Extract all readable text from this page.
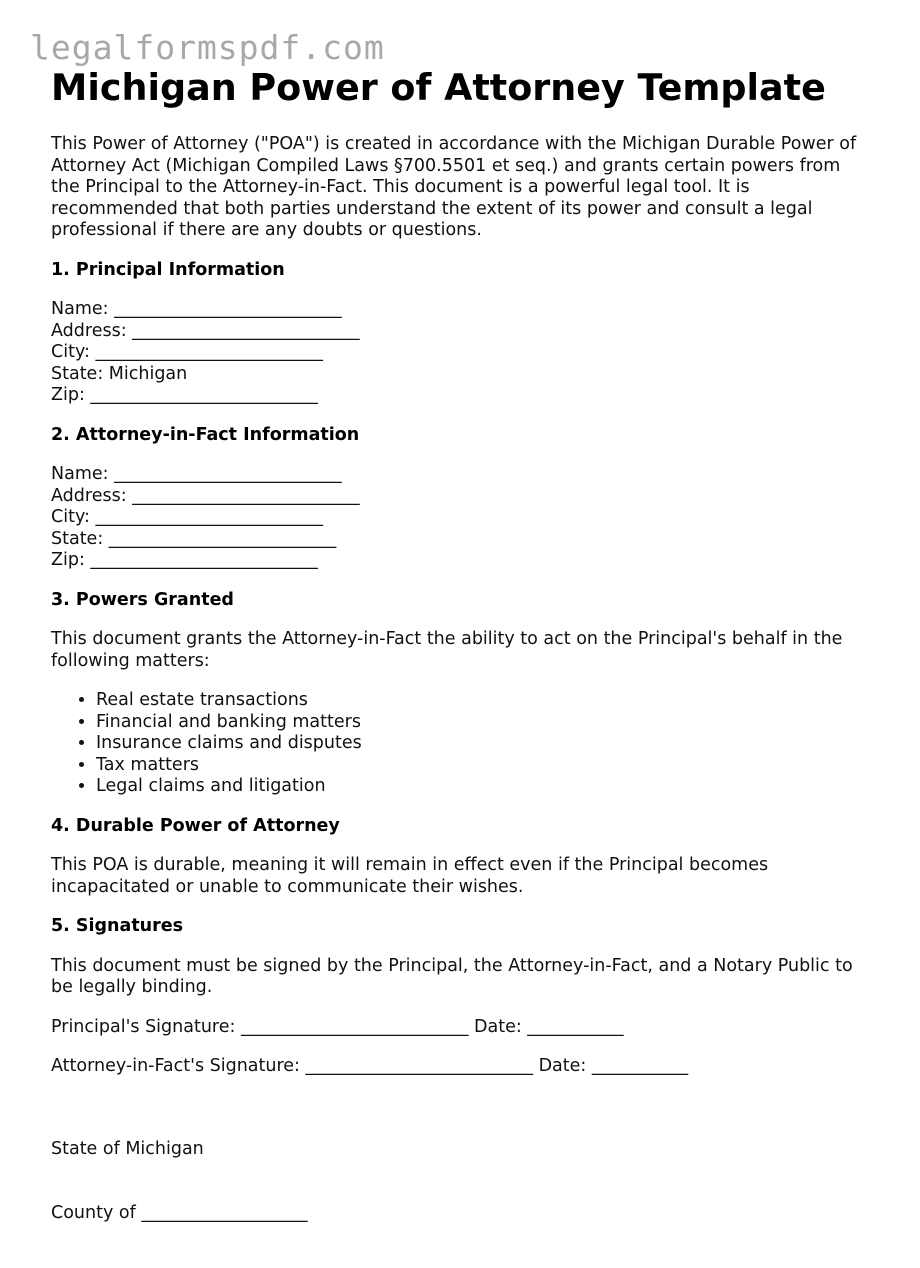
legalformspdf.com
Michigan Power of Attorney Template

This Power of Attorney ("POA") is created in accordance with the Michigan Durable Power of Attorney Act (Michigan Compiled Laws §700.5501 et seq.) and grants certain powers from the Principal to the Attorney-in-Fact. This document is a powerful legal tool. It is recommended that both parties understand the extent of its power and consult a legal professional if there are any doubts or questions.

1. Principal Information
Name: __________________________
Address: __________________________
City: __________________________
State: Michigan
Zip: __________________________
2. Attorney-in-Fact Information
Name: __________________________
Address: __________________________
City: __________________________
State: __________________________
Zip: __________________________
3. Powers Granted

This document grants the Attorney-in-Fact the ability to act on the Principal's behalf in the following matters:

• Real estate transactions
• Financial and banking matters
• Insurance claims and disputes
• Tax matters
• Legal claims and litigation
4. Durable Power of Attorney

This POA is durable, meaning it will remain in effect even if the Principal becomes incapacitated or unable to communicate their wishes.

5. Signatures

This document must be signed by the Principal, the Attorney-in-Fact, and a Notary Public to be legally binding.

Principal's Signature: __________________________ Date: ___________
Attorney-in-Fact's Signature: __________________________ Date: ___________

State of Michigan

County of ___________________
